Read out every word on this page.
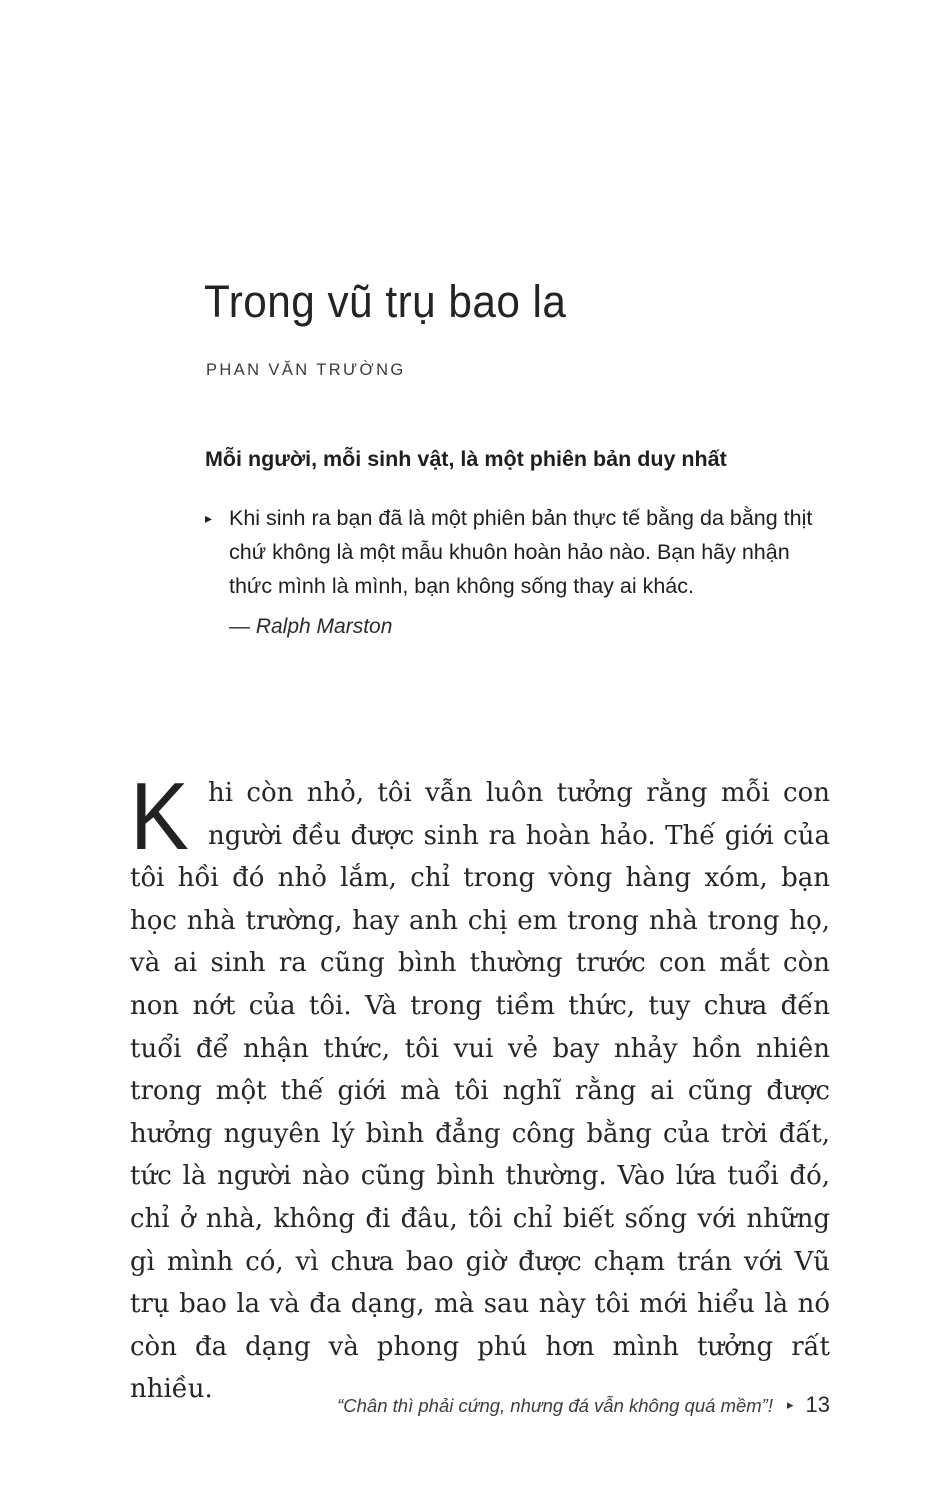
Trong vũ trụ bao la
PHAN VĂN TRƯỜNG
Mỗi người, mỗi sinh vật, là một phiên bản duy nhất
▸ Khi sinh ra bạn đã là một phiên bản thực tế bằng da bằng thịt chứ không là một mẫu khuôn hoàn hảo nào. Bạn hãy nhận thức mình là mình, bạn không sống thay ai khác.
— Ralph Marston
Khi còn nhỏ, tôi vẫn luôn tưởng rằng mỗi con người đều được sinh ra hoàn hảo. Thế giới của tôi hồi đó nhỏ lắm, chỉ trong vòng hàng xóm, bạn học nhà trường, hay anh chị em trong nhà trong họ, và ai sinh ra cũng bình thường trước con mắt còn non nớt của tôi. Và trong tiềm thức, tuy chưa đến tuổi để nhận thức, tôi vui vẻ bay nhảy hồn nhiên trong một thế giới mà tôi nghĩ rằng ai cũng được hưởng nguyên lý bình đẳng công bằng của trời đất, tức là người nào cũng bình thường. Vào lứa tuổi đó, chỉ ở nhà, không đi đâu, tôi chỉ biết sống với những gì mình có, vì chưa bao giờ được chạm trán với Vũ trụ bao la và đa dạng, mà sau này tôi mới hiểu là nó còn đa dạng và phong phú hơn mình tưởng rất nhiều.
“Chân thì phải cứng, nhưng đá vẫn không quá mềm”! ▸ 13
